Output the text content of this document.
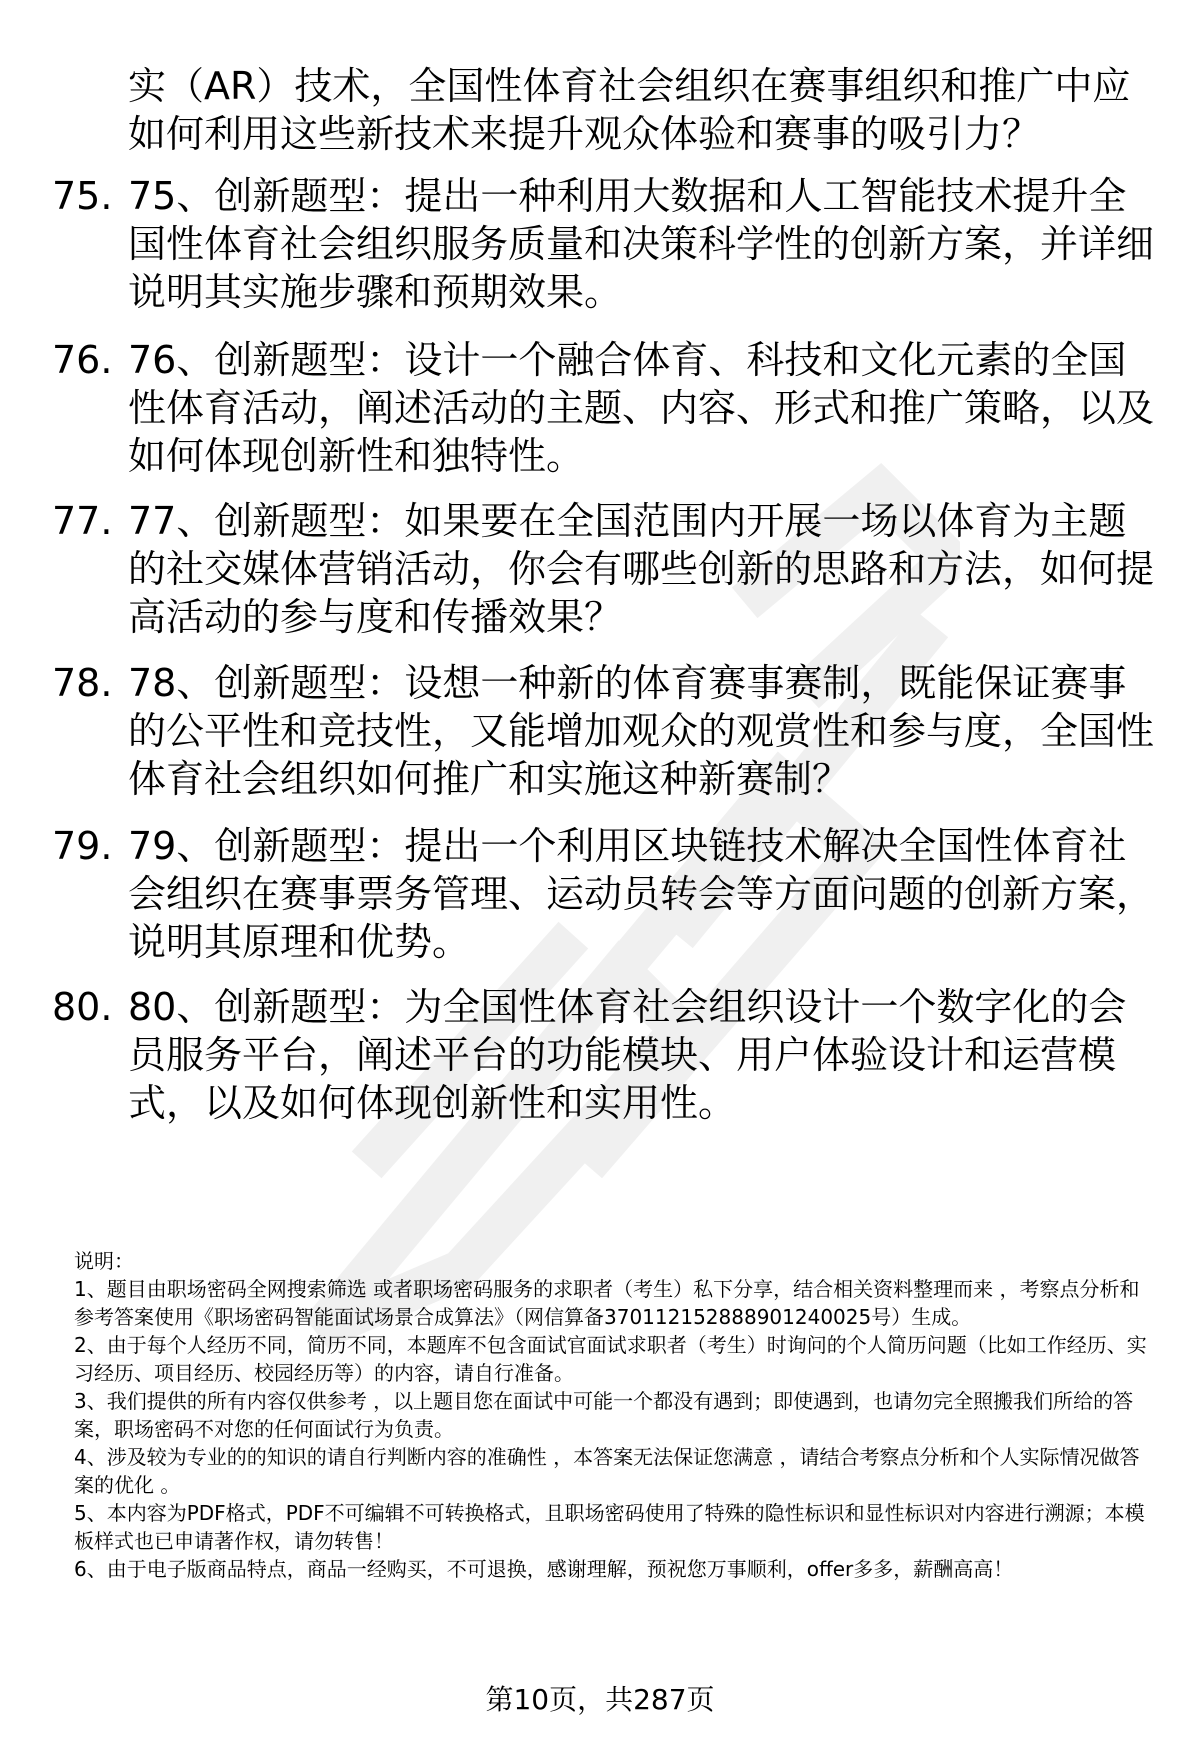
实（AR）技术，全国性体育社会组织在赛事组织和推广中应如何利用这些新技术来提升观众体验和赛事的吸引力？

75. 75、创新题型：提出一种利用大数据和人工智能技术提升全国性体育社会组织服务质量和决策科学性的创新方案，并详细说明其实施步骤和预期效果。

76. 76、创新题型：设计一个融合体育、科技和文化元素的全国性体育活动，阐述活动的主题、内容、形式和推广策略，以及如何体现创新性和独特性。

77. 77、创新题型：如果要在全国范围内开展一场以体育为主题的社交媒体营销活动，你会有哪些创新的思路和方法，如何提高活动的参与度和传播效果？

78. 78、创新题型：设想一种新的体育赛事赛制，既能保证赛事的公平性和竞技性，又能增加观众的观赏性和参与度，全国性体育社会组织如何推广和实施这种新赛制？

79. 79、创新题型：提出一个利用区块链技术解决全国性体育社会组织在赛事票务管理、运动员转会等方面问题的创新方案，说明其原理和优势。

80. 80、创新题型：为全国性体育社会组织设计一个数字化的会员服务平台，阐述平台的功能模块、用户体验设计和运营模式，以及如何体现创新性和实用性。

说明：

1、题目由职场密码全网搜索筛选 或者职场密码服务的求职者（考生）私下分享，结合相关资料整理而来 ，考察点分析和参考答案使用《职场密码智能面试场景合成算法》（网信算备370112152888901240025号）生成。

2、由于每个人经历不同，简历不同，本题库不包含面试官面试求职者（考生）时询问的个人简历问题（比如工作经历、实习经历、项目经历、校园经历等）的内容，请自行准备。

3、我们提供的所有内容仅供参考 ，以上题目您在面试中可能一个都没有遇到；即使遇到，也请勿完全照搬我们所给的答案，职场密码不对您的任何面试行为负责。

4、涉及较为专业的的知识的请自行判断内容的准确性 ，本答案无法保证您满意 ，请结合考察点分析和个人实际情况做答案的优化 。

5、本内容为PDF格式，PDF不可编辑不可转换格式，且职场密码使用了特殊的隐性标识和显性标识对内容进行溯源；本模板样式也已申请著作权，请勿转售！

6、由于电子版商品特点，商品一经购买，不可退换，感谢理解，预祝您万事顺利，offer多多，薪酬高高！

第10页，共287页
